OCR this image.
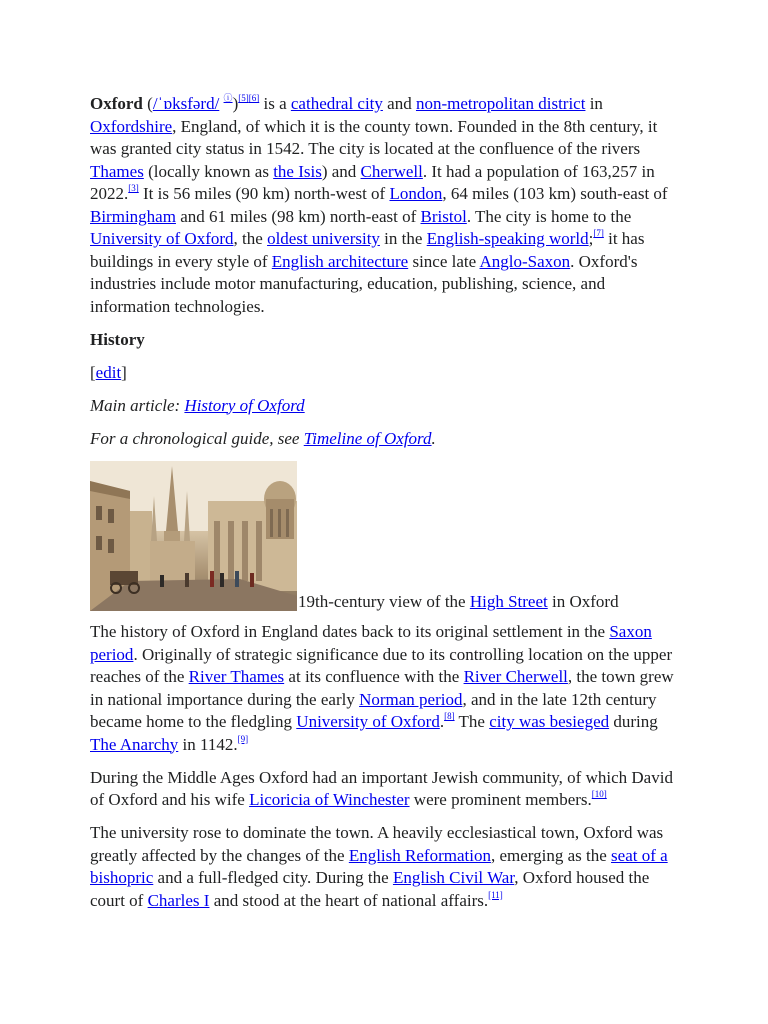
Oxford (/ˈɒksfərd/ ⓘ)[5][6] is a cathedral city and non-metropolitan district in Oxfordshire, England, of which it is the county town. Founded in the 8th century, it was granted city status in 1542. The city is located at the confluence of the rivers Thames (locally known as the Isis) and Cherwell. It had a population of 163,257 in 2022.[3] It is 56 miles (90 km) north-west of London, 64 miles (103 km) south-east of Birmingham and 61 miles (98 km) north-east of Bristol. The city is home to the University of Oxford, the oldest university in the English-speaking world;[7] it has buildings in every style of English architecture since late Anglo-Saxon. Oxford's industries include motor manufacturing, education, publishing, science, and information technologies.

History

[edit]

Main article: History of Oxford

For a chronological guide, see Timeline of Oxford.

19th-century view of the High Street in Oxford

The history of Oxford in England dates back to its original settlement in the Saxon period. Originally of strategic significance due to its controlling location on the upper reaches of the River Thames at its confluence with the River Cherwell, the town grew in national importance during the early Norman period, and in the late 12th century became home to the fledgling University of Oxford.[8] The city was besieged during The Anarchy in 1142.[9]

During the Middle Ages Oxford had an important Jewish community, of which David of Oxford and his wife Licoricia of Winchester were prominent members.[10]

The university rose to dominate the town. A heavily ecclesiastical town, Oxford was greatly affected by the changes of the English Reformation, emerging as the seat of a bishopric and a full-fledged city. During the English Civil War, Oxford housed the court of Charles I and stood at the heart of national affairs.[11]
